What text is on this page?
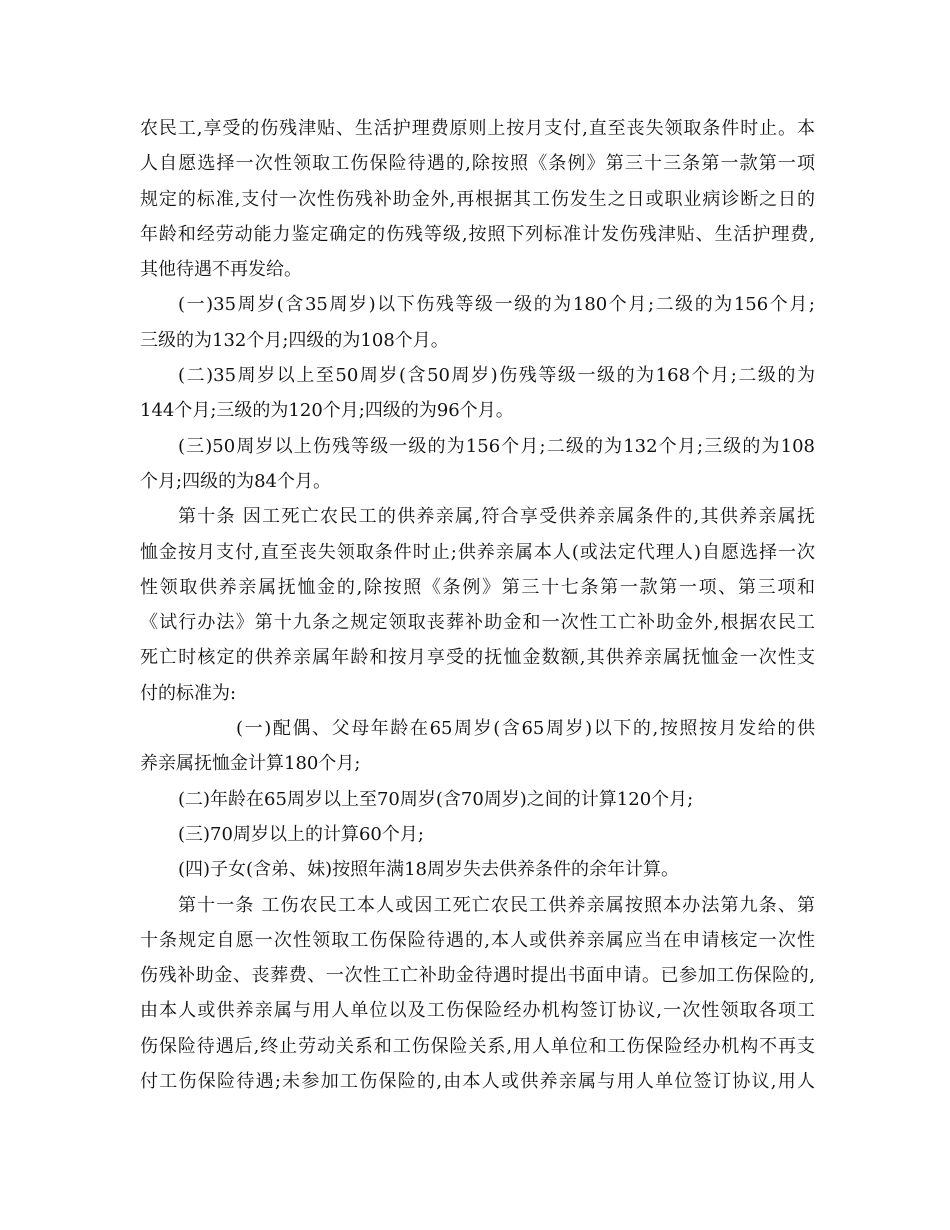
农民工,享受的伤残津贴、生活护理费原则上按月支付,直至丧失领取条件时止。本
人自愿选择一次性领取工伤保险待遇的,除按照《条例》第三十三条第一款第一项
规定的标准,支付一次性伤残补助金外,再根据其工伤发生之日或职业病诊断之日的
年龄和经劳动能力鉴定确定的伤残等级,按照下列标准计发伤残津贴、生活护理费,
其他待遇不再发给。
(一)35周岁(含35周岁)以下伤残等级一级的为180个月;二级的为156个月;
三级的为132个月;四级的为108个月。
(二)35周岁以上至50周岁(含50周岁)伤残等级一级的为168个月;二级的为
144个月;三级的为120个月;四级的为96个月。
(三)50周岁以上伤残等级一级的为156个月;二级的为132个月;三级的为108
个月;四级的为84个月。
第十条 因工死亡农民工的供养亲属,符合享受供养亲属条件的,其供养亲属抚
恤金按月支付,直至丧失领取条件时止;供养亲属本人(或法定代理人)自愿选择一次
性领取供养亲属抚恤金的,除按照《条例》第三十七条第一款第一项、第三项和
《试行办法》第十九条之规定领取丧葬补助金和一次性工亡补助金外,根据农民工
死亡时核定的供养亲属年龄和按月享受的抚恤金数额,其供养亲属抚恤金一次性支
付的标准为:
(一)配偶、父母年龄在65周岁(含65周岁)以下的,按照按月发给的供
养亲属抚恤金计算180个月;
(二)年龄在65周岁以上至70周岁(含70周岁)之间的计算120个月;
(三)70周岁以上的计算60个月;
(四)子女(含弟、妹)按照年满18周岁失去供养条件的余年计算。
第十一条 工伤农民工本人或因工死亡农民工供养亲属按照本办法第九条、第
十条规定自愿一次性领取工伤保险待遇的,本人或供养亲属应当在申请核定一次性
伤残补助金、丧葬费、一次性工亡补助金待遇时提出书面申请。已参加工伤保险的,
由本人或供养亲属与用人单位以及工伤保险经办机构签订协议,一次性领取各项工
伤保险待遇后,终止劳动关系和工伤保险关系,用人单位和工伤保险经办机构不再支
付工伤保险待遇;未参加工伤保险的,由本人或供养亲属与用人单位签订协议,用人
